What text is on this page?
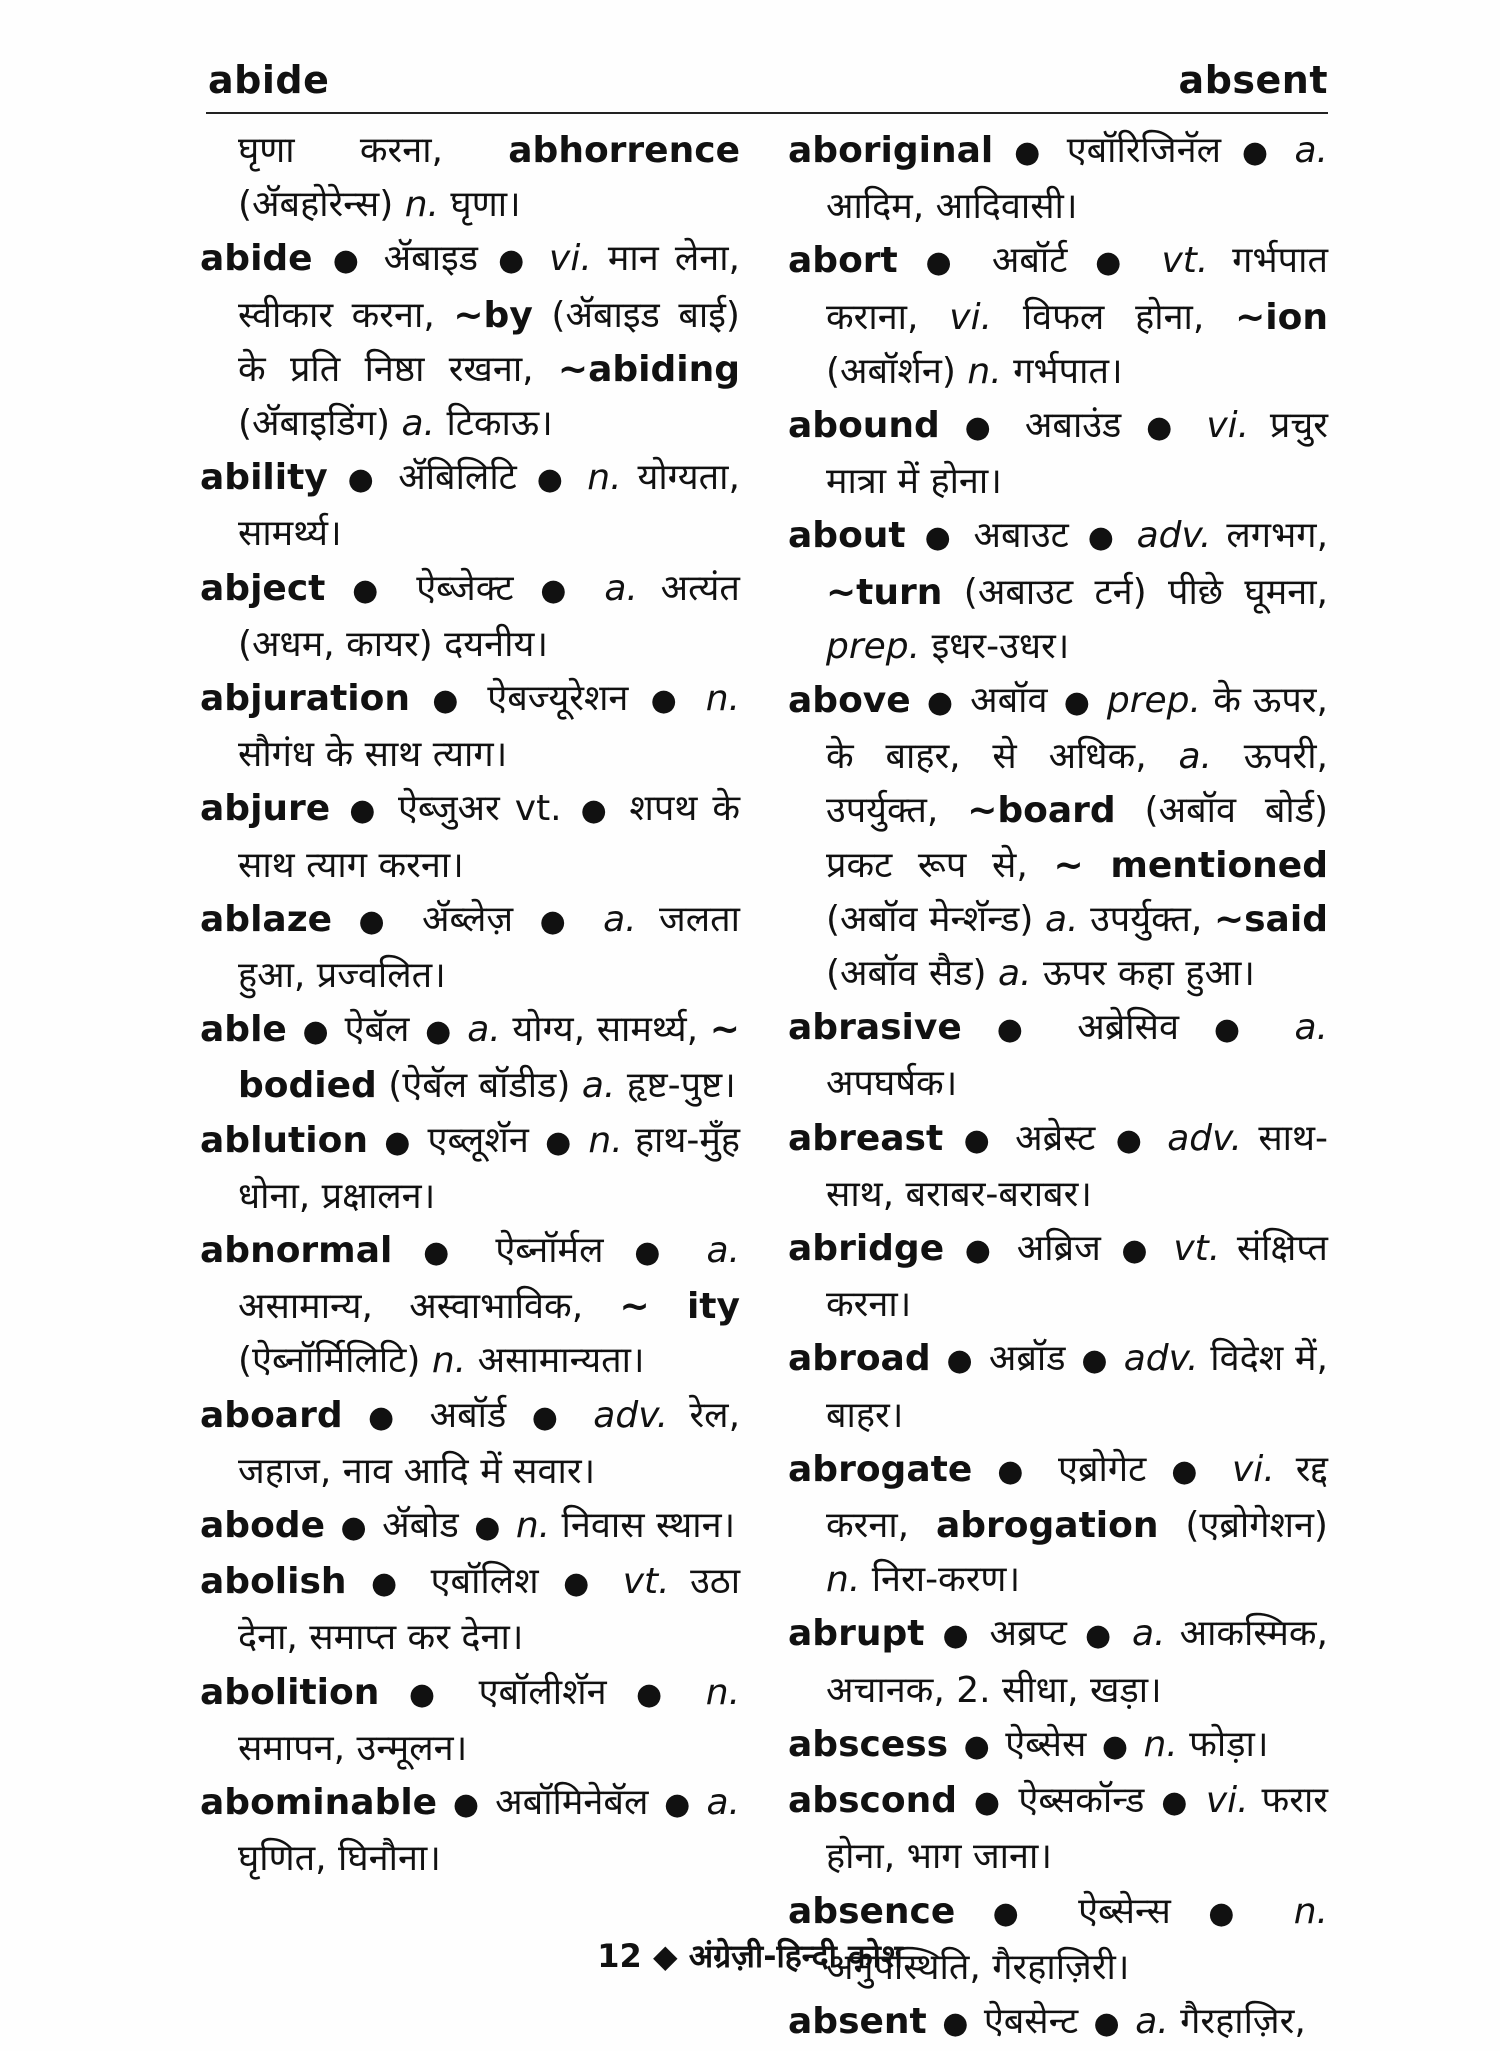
abide	absent
घृणा करना, abhorrence (ॲबहोरेन्स) n. घृणा।
abide ● ॲबाइड ● vi. मान लेना, स्वीकार करना, ~by (ॲबाइड बाई) के प्रति निष्ठा रखना, ~abiding (ॲबाइडिंग) a. टिकाऊ।
ability ● ॲबिलिटि ● n. योग्यता, सामर्थ्य।
abject ● ऐब्जेक्ट ● a. अत्यंत (अधम, कायर) दयनीय।
abjuration ● ऐबज्यूरेशन ● n. सौगंध के साथ त्याग।
abjure ● ऐब्जुअर vt. ● शपथ के साथ त्याग करना।
ablaze ● ॲब्लेज़ ● a. जलता हुआ, प्रज्वलित।
able ● ऐबॅल ● a. योग्य, सामर्थ्य, ~ bodied (ऐबॅल बॉडीड) a. हृष्ट-पुष्ट।
ablution ● एब्लूशॅन ● n. हाथ-मुँह धोना, प्रक्षालन।
abnormal ● ऐब्नॉर्मल ● a. असामान्य, अस्वाभाविक, ~ ity (ऐब्नॉर्मिलिटि) n. असामान्यता।
aboard ● अबॉर्ड ● adv. रेल, जहाज, नाव आदि में सवार।
abode ● ॲबोड ● n. निवास स्थान।
abolish ● एबॉलिश ● vt. उठा देना, समाप्त कर देना।
abolition ● एबॉलीशॅन ● n. समापन, उन्मूलन।
abominable ● अबॉमिनेबॅल ● a. घृणित, घिनौना।
aboriginal ● एबॉरिजिनॅल ● a. आदिम, आदिवासी।
abort ● अबॉर्ट ● vt. गर्भपात कराना, vi. विफल होना, ~ion (अबॉर्शन) n. गर्भपात।
abound ● अबाउंड ● vi. प्रचुर मात्रा में होना।
about ● अबाउट ● adv. लगभग, ~turn (अबाउट टर्न) पीछे घूमना, prep. इधर-उधर।
above ● अबॉव ● prep. के ऊपर, के बाहर, से अधिक, a. ऊपरी, उपर्युक्त, ~board (अबॉव बोर्ड) प्रकट रूप से, ~ mentioned (अबॉव मेन्शॅन्ड) a. उपर्युक्त, ~said (अबॉव सैड) a. ऊपर कहा हुआ।
abrasive ● अब्रेसिव ● a. अपघर्षक।
abreast ● अब्रेस्ट ● adv. साथ-साथ, बराबर-बराबर।
abridge ● अब्रिज ● vt. संक्षिप्त करना।
abroad ● अब्रॉड ● adv. विदेश में, बाहर।
abrogate ● एब्रोगेट ● vi. रद्द करना, abrogation (एब्रोगेशन) n. निरा-करण।
abrupt ● अब्रप्ट ● a. आकस्मिक, अचानक, 2. सीधा, खड़ा।
abscess ● ऐब्सेस ● n. फोड़ा।
abscond ● ऐब्सकॉन्ड ● vi. फरार होना, भाग जाना।
absence ● ऐब्सेन्स ● n. अनुपस्थिति, गैरहाज़िरी।
absent ● ऐबसेन्ट ● a. गैरहाज़िर,
12 ◆ अंग्रेज़ी-हिन्दी कोश
